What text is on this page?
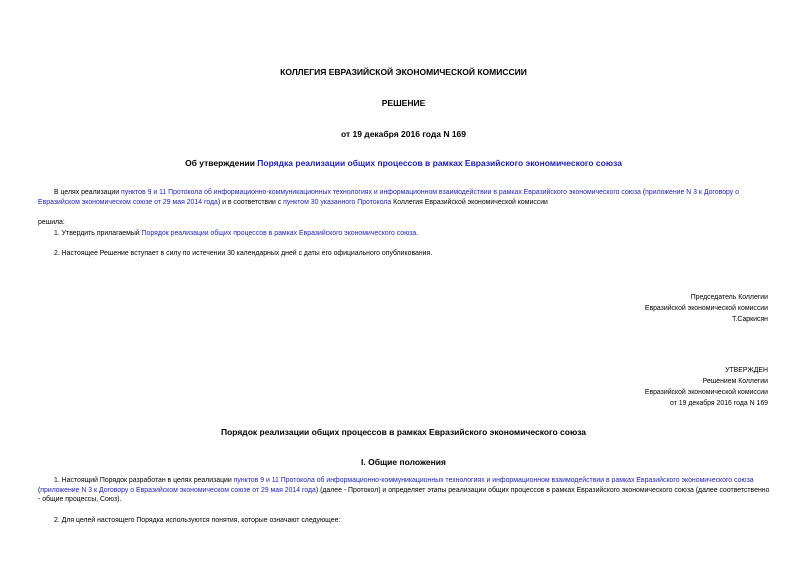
КОЛЛЕГИЯ ЕВРАЗИЙСКОЙ ЭКОНОМИЧЕСКОЙ КОМИССИИ

РЕШЕНИЕ

от 19 декабря 2016 года N 169

Об утверждении Порядка реализации общих процессов в рамках Евразийского экономического союза

В целях реализации пунктов 9 и 11 Протокола об информационно-коммуникационных технологиях и информационном взаимодействии в рамках Евразийского экономического союза (приложение N 3 к Договору о Евразийском экономическом союзе от 29 мая 2014 года) и в соответствии с пунктом 30 указанного Протокола Коллегия Евразийской экономической комиссии

решила:

1. Утвердить прилагаемый Порядок реализации общих процессов в рамках Евразийского экономического союза.

2. Настоящее Решение вступает в силу по истечении 30 календарных дней с даты его официального опубликования.

Председатель Коллегии

Евразийской экономической комиссии

Т.Саркисян

УТВЕРЖДЕН

Решением Коллегии

Евразийской экономической комиссии

от 19 декабря 2016 года N 169

Порядок реализации общих процессов в рамках Евразийского экономического союза

I. Общие положения

1. Настоящий Порядок разработан в целях реализации пунктов 9 и 11 Протокола об информационно-коммуникационных технологиях и информационном взаимодействии в рамках Евразийского экономического союза (приложение N 3 к Договору о Евразийском экономическом союзе от 29 мая 2014 года) (далее - Протокол) и определяет этапы реализации общих процессов в рамках Евразийского экономического союза (далее соответственно - общие процессы, Союз).

2. Для целей настоящего Порядка используются понятия, которые означают следующее:
